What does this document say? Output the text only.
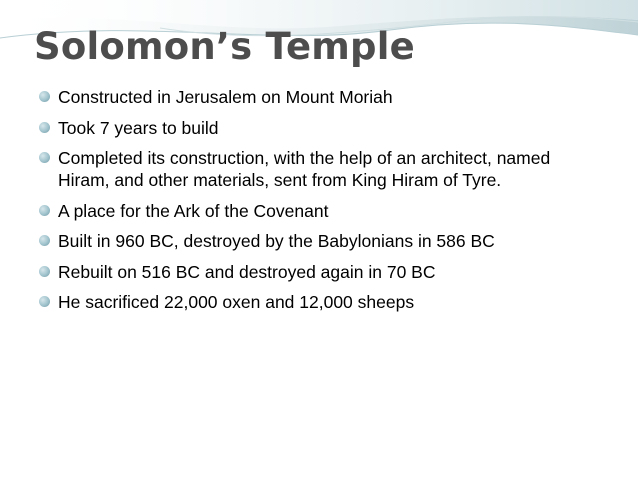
Solomon’s Temple
Constructed in Jerusalem on Mount Moriah
Took 7 years to build
Completed its construction, with the help of an architect, named Hiram, and other materials, sent from King Hiram of Tyre.
A place for the Ark of the Covenant
Built in 960 BC, destroyed by the Babylonians in 586 BC
Rebuilt on 516 BC and destroyed again in 70 BC
He sacrificed 22,000 oxen and 12,000 sheeps
